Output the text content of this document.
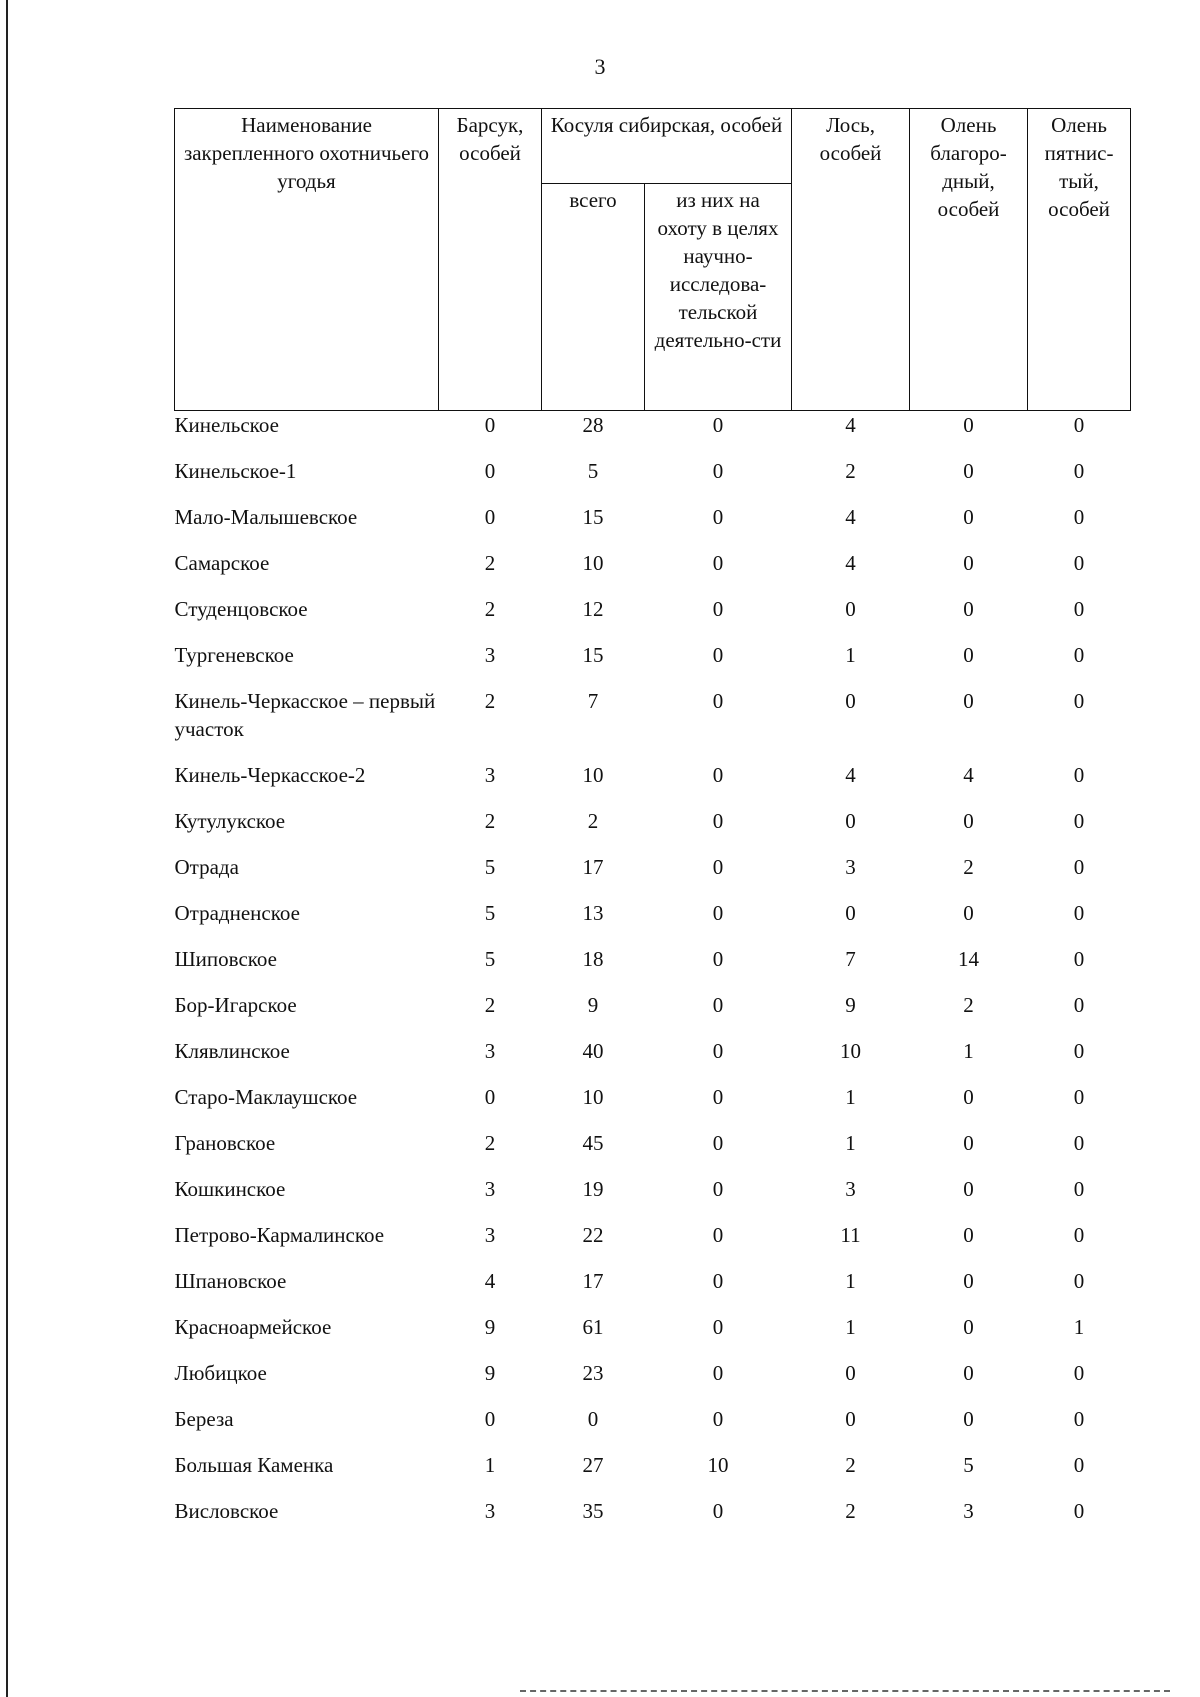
3
Наименование закрепленного охотничьего угодья	Барсук, особей	Косуля сибирская, особей		Лось, особей	Олень благоро-дный, особей	Олень пятнис-тый, особей
		всего	из них на охоту в целях научно-исследова-тельской деятельно-сти			
Кинельское	0	28	0	4	0	0
Кинельское-1	0	5	0	2	0	0
Мало-Малышевское	0	15	0	4	0	0
Самарское	2	10	0	4	0	0
Студенцовское	2	12	0	0	0	0
Тургеневское	3	15	0	1	0	0
Кинель-Черкасское – первый участок	2	7	0	0	0	0
Кинель-Черкасское-2	3	10	0	4	4	0
Кутулукское	2	2	0	0	0	0
Отрада	5	17	0	3	2	0
Отрадненское	5	13	0	0	0	0
Шиповское	5	18	0	7	14	0
Бор-Игарское	2	9	0	9	2	0
Клявлинское	3	40	0	10	1	0
Старо-Маклаушское	0	10	0	1	0	0
Грановское	2	45	0	1	0	0
Кошкинское	3	19	0	3	0	0
Петрово-Кармалинское	3	22	0	11	0	0
Шпановское	4	17	0	1	0	0
Красноармейское	9	61	0	1	0	1
Любицкое	9	23	0	0	0	0
Береза	0	0	0	0	0	0
Большая Каменка	1	27	10	2	5	0
Висловское	3	35	0	2	3	0
